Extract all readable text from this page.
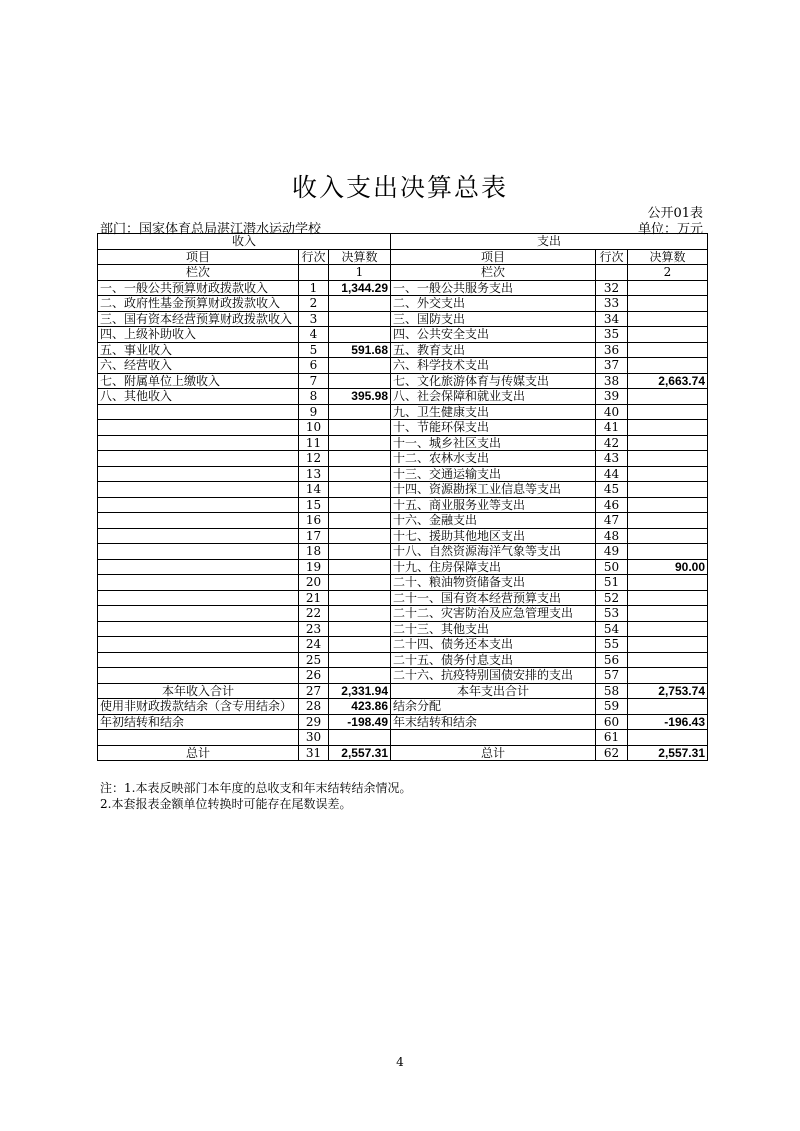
收入支出决算总表
公开01表
部门：国家体育总局湛江潜水运动学校	单位：万元
收入			支出		
项目	行次	决算数	项目	行次	决算数
栏次		1	栏次		2
一、一般公共预算财政拨款收入	1	1,344.29	一、一般公共服务支出	32	
二、政府性基金预算财政拨款收入	2		二、外交支出	33	
三、国有资本经营预算财政拨款收入	3		三、国防支出	34	
四、上级补助收入	4		四、公共安全支出	35	
五、事业收入	5	591.68	五、教育支出	36	
六、经营收入	6		六、科学技术支出	37	
七、附属单位上缴收入	7		七、文化旅游体育与传媒支出	38	2,663.74
八、其他收入	8	395.98	八、社会保障和就业支出	39	
	9		九、卫生健康支出	40	
	10		十、节能环保支出	41	
	11		十一、城乡社区支出	42	
	12		十二、农林水支出	43	
	13		十三、交通运输支出	44	
	14		十四、资源勘探工业信息等支出	45	
	15		十五、商业服务业等支出	46	
	16		十六、金融支出	47	
	17		十七、援助其他地区支出	48	
	18		十八、自然资源海洋气象等支出	49	
	19		十九、住房保障支出	50	90.00
	20		二十、粮油物资储备支出	51	
	21		二十一、国有资本经营预算支出	52	
	22		二十二、灾害防治及应急管理支出	53	
	23		二十三、其他支出	54	
	24		二十四、债务还本支出	55	
	25		二十五、债务付息支出	56	
	26		二十六、抗疫特别国债安排的支出	57	
本年收入合计	27	2,331.94	本年支出合计	58	2,753.74
使用非财政拨款结余（含专用结余）	28	423.86	结余分配	59	
年初结转和结余	29	-198.49	年末结转和结余	60	-196.43
	30			61	
总计	31	2,557.31	总计	62	2,557.31
注：1.本表反映部门本年度的总收支和年末结转结余情况。
2.本套报表金额单位转换时可能存在尾数误差。
4
